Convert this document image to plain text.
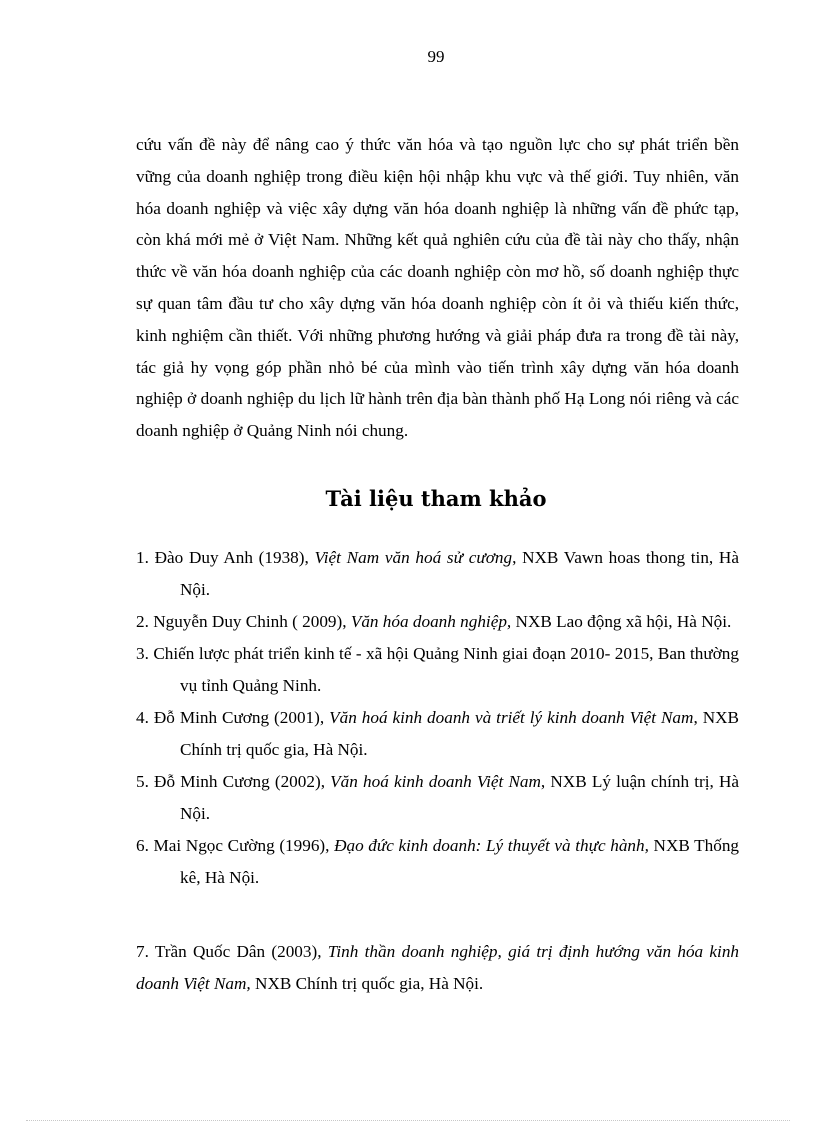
99

cứu vấn đề này để nâng cao ý thức văn hóa và tạo nguồn lực cho sự phát triển bền vững của doanh nghiệp trong điều kiện hội nhập khu vực và thế giới. Tuy nhiên, văn hóa doanh nghiệp và việc xây dựng văn hóa doanh nghiệp là những vấn đề phức tạp, còn khá mới mẻ ở Việt Nam. Những kết quả nghiên cứu của đề tài này cho thấy, nhận thức về văn hóa doanh nghiệp của các doanh nghiệp còn mơ hồ, số doanh nghiệp thực sự quan tâm đầu tư cho xây dựng văn hóa doanh nghiệp còn ít ỏi và thiếu kiến thức, kinh nghiệm cần thiết. Với những phương hướng và giải pháp đưa ra trong đề tài này, tác giả hy vọng góp phần nhỏ bé của mình vào tiến trình xây dựng văn hóa doanh nghiệp ở doanh nghiệp du lịch lữ hành trên địa bàn thành phố Hạ Long nói riêng và các doanh nghiệp ở Quảng Ninh nói chung.

Tài liệu tham khảo

1. Đào Duy Anh (1938), Việt Nam văn hoá sử cương, NXB Vawn hoas thong tin, Hà Nội.

2. Nguyễn Duy Chinh ( 2009), Văn hóa doanh nghiệp, NXB Lao động xã hội, Hà Nội.

3. Chiến lược phát triển kinh tế - xã hội Quảng Ninh giai đoạn 2010- 2015, Ban thường vụ tỉnh Quảng Ninh.

4. Đỗ Minh Cương (2001), Văn hoá kinh doanh và triết lý kinh doanh Việt Nam, NXB Chính trị quốc gia, Hà Nội.

5. Đỗ Minh Cương (2002), Văn hoá kinh doanh Việt Nam, NXB Lý luận chính trị, Hà Nội.

6. Mai Ngọc Cường (1996), Đạo đức kinh doanh: Lý thuyết và thực hành, NXB Thống kê, Hà Nội.

7. Trần Quốc Dân (2003), Tinh thần doanh nghiệp, giá trị định hướng văn hóa kinh doanh Việt Nam, NXB Chính trị quốc gia, Hà Nội.
